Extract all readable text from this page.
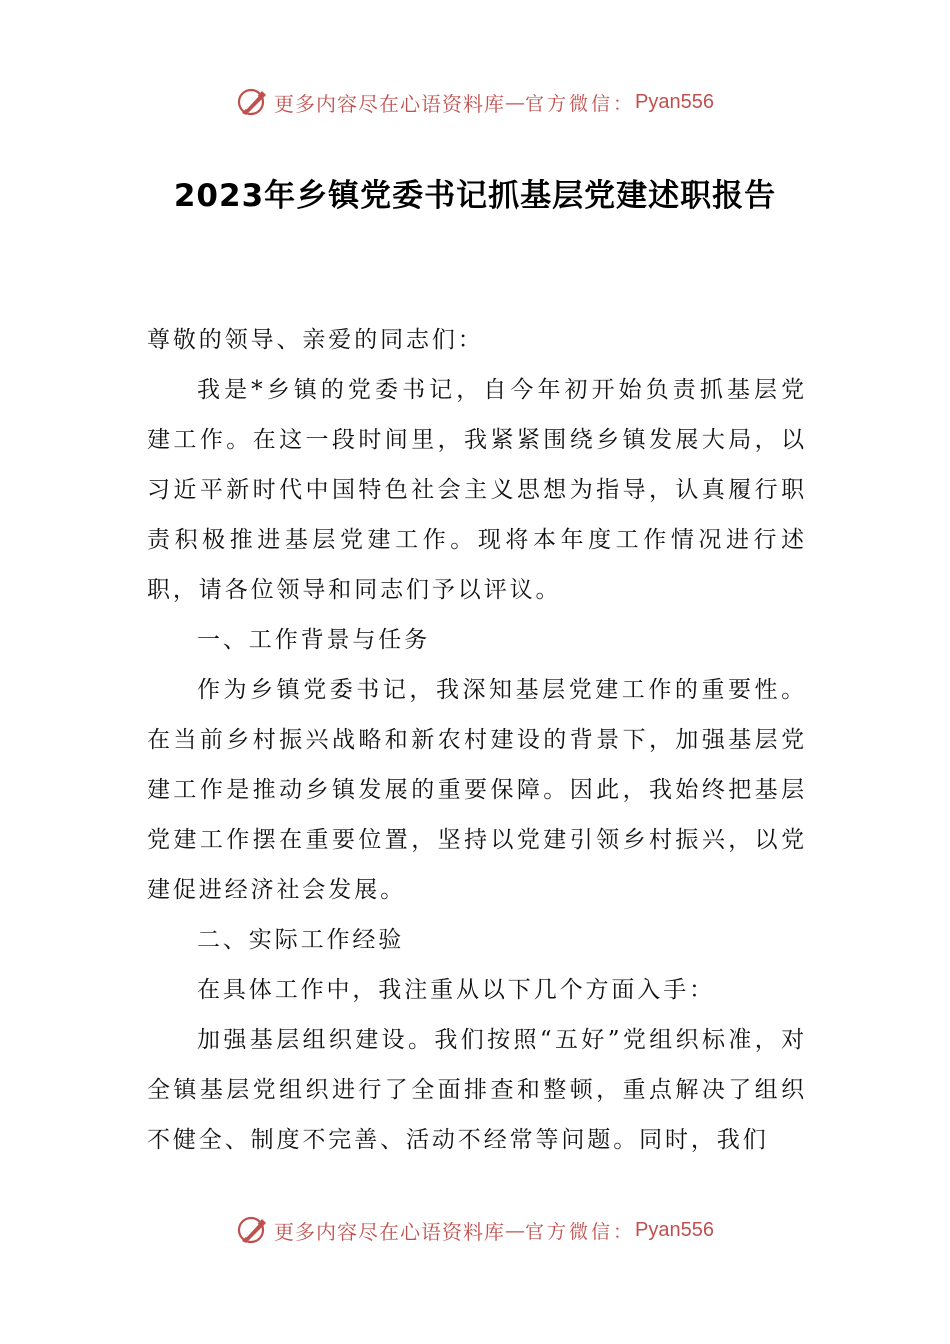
更多内容尽在心语资料库 — 官方微信： Pyan556
2023年乡镇党委书记抓基层党建述职报告

尊敬的领导、亲爱的同志们：

我是*乡镇的党委书记，自今年初开始负责抓基层党建工作。在这一段时间里，我紧紧围绕乡镇发展大局，以习近平新时代中国特色社会主义思想为指导，认真履行职责积极推进基层党建工作。现将本年度工作情况进行述职，请各位领导和同志们予以评议。

一、工作背景与任务

作为乡镇党委书记，我深知基层党建工作的重要性。在当前乡村振兴战略和新农村建设的背景下，加强基层党建工作是推动乡镇发展的重要保障。因此，我始终把基层党建工作摆在重要位置，坚持以党建引领乡村振兴，以党建促进经济社会发展。

二、实际工作经验

在具体工作中，我注重从以下几个方面入手：

加强基层组织建设。我们按照“五好”党组织标准，对全镇基层党组织进行了全面排查和整顿，重点解决了组织不健全、制度不完善、活动不经常等问题。同时，我们

更多内容尽在心语资料库 — 官方微信： Pyan556
